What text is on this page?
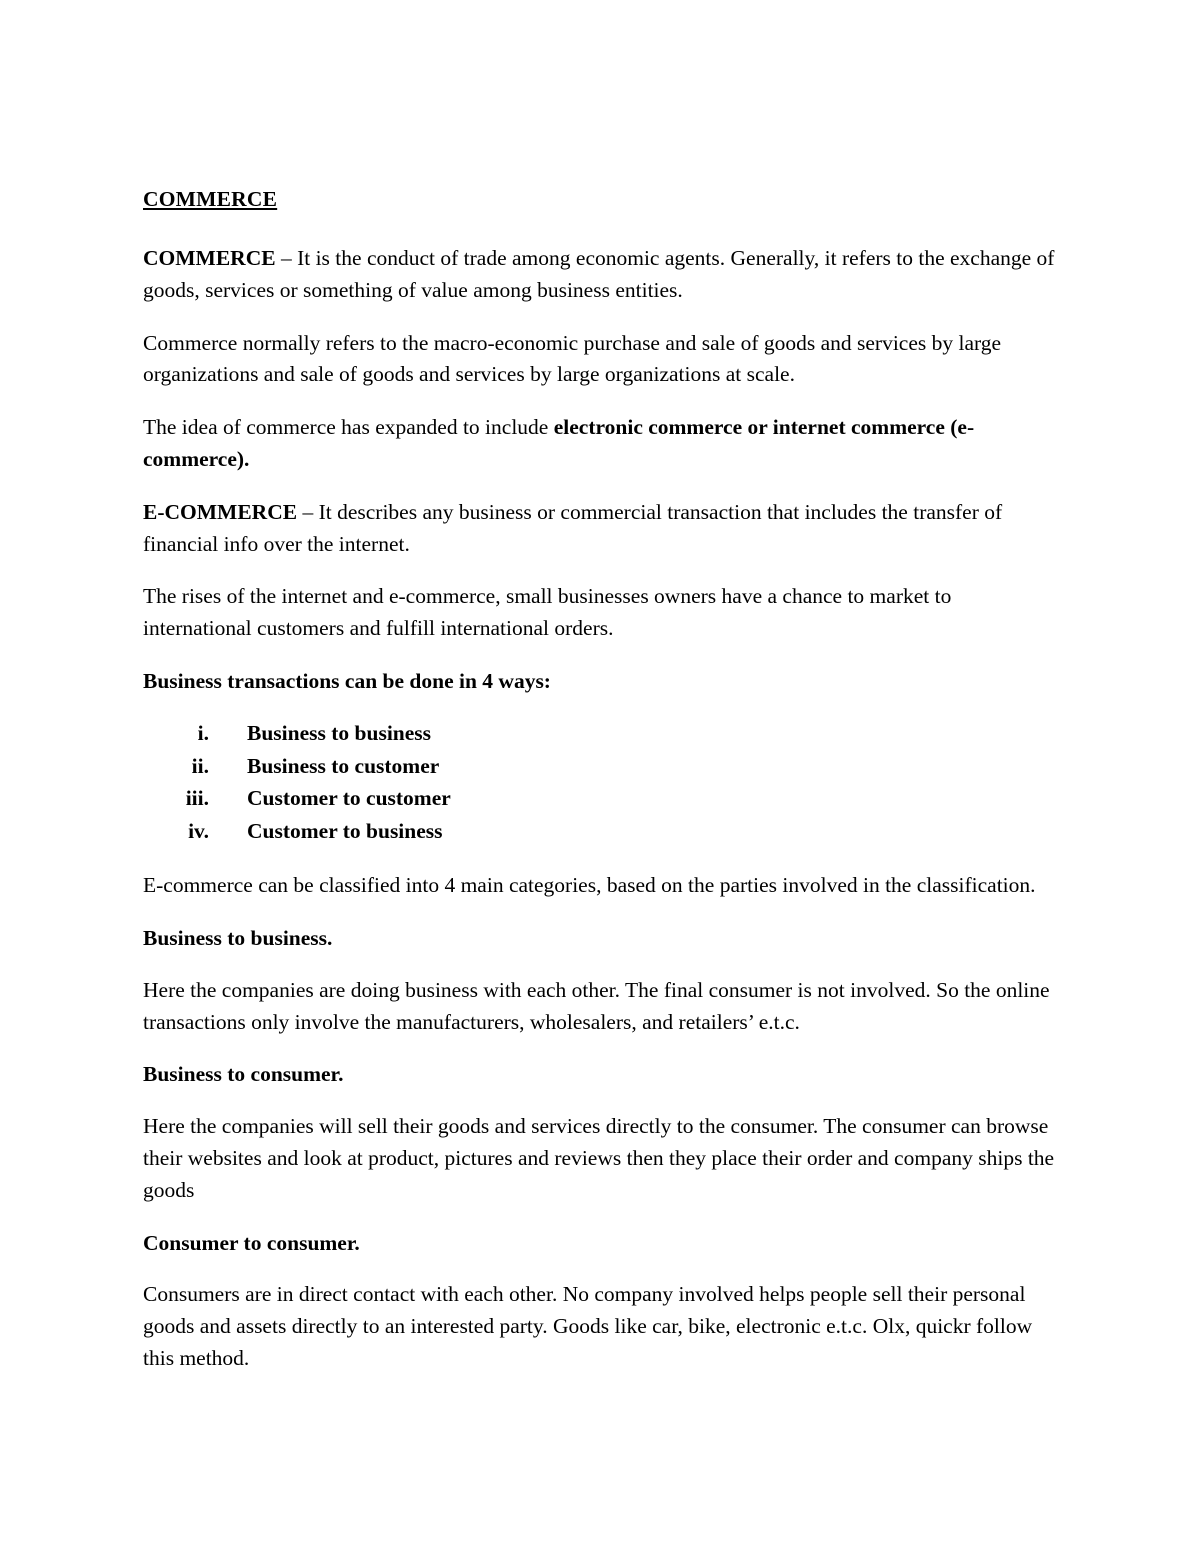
COMMERCE

COMMERCE – It is the conduct of trade among economic agents. Generally, it refers to the exchange of goods, services or something of value among business entities.

Commerce normally refers to the macro-economic purchase and sale of goods and services by large organizations and sale of goods and services by large organizations at scale.

The idea of commerce has expanded to include electronic commerce or internet commerce (e-commerce).

E-COMMERCE – It describes any business or commercial transaction that includes the transfer of financial info over the internet.

The rises of the internet and e-commerce, small businesses owners have a chance to market to international customers and fulfill international orders.

Business transactions can be done in 4 ways:

i.	Business to business
ii.	Business to customer
iii.	Customer to customer
iv.	Customer to business

E-commerce can be classified into 4 main categories, based on the parties involved in the classification.

Business to business.

Here the companies are doing business with each other. The final consumer is not involved. So the online transactions only involve the manufacturers, wholesalers, and retailers’ e.t.c.

Business to consumer.

Here the companies will sell their goods and services directly to the consumer. The consumer can browse their websites and look at product, pictures and reviews then they place their order and company ships the goods

Consumer to consumer.

Consumers are in direct contact with each other. No company involved helps people sell their personal goods and assets directly to an interested party. Goods like car, bike, electronic e.t.c. Olx, quickr follow this method.
